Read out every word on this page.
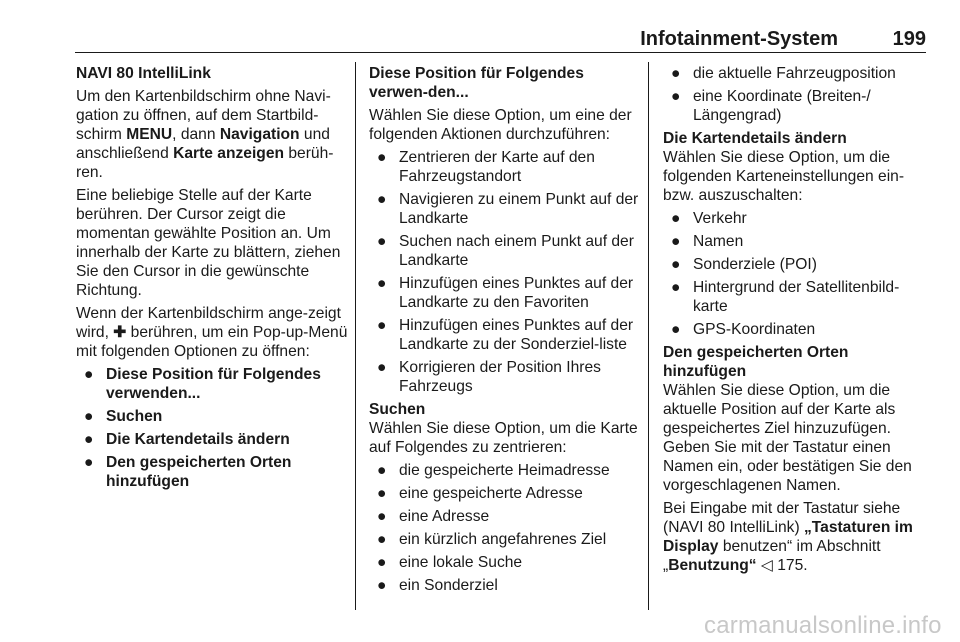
Infotainment-System	199

NAVI 80 IntelliLink

Um den Kartenbildschirm ohne Navi-gation zu öffnen, auf dem Startbild-schirm MENU, dann Navigation und anschließend Karte anzeigen berüh-ren.

Eine beliebige Stelle auf der Karte berühren. Der Cursor zeigt die momentan gewählte Position an. Um innerhalb der Karte zu blättern, ziehen Sie den Cursor in die gewünschte Richtung.

Wenn der Kartenbildschirm ange-zeigt wird, ✚ berühren, um ein Pop-up-Menü mit folgenden Optionen zu öffnen:

● Diese Position für Folgendes verwenden...
● Suchen
● Die Kartendetails ändern
● Den gespeicherten Orten hinzufügen

Diese Position für Folgendes verwen-den...

Wählen Sie diese Option, um eine der folgenden Aktionen durchzuführen:

● Zentrieren der Karte auf den Fahrzeugstandort
● Navigieren zu einem Punkt auf der Landkarte
● Suchen nach einem Punkt auf der Landkarte
● Hinzufügen eines Punktes auf der Landkarte zu den Favoriten
● Hinzufügen eines Punktes auf der Landkarte zu der Sonderziel-liste
● Korrigieren der Position Ihres Fahrzeugs

Suchen

Wählen Sie diese Option, um die Karte auf Folgendes zu zentrieren:

● die gespeicherte Heimadresse
● eine gespeicherte Adresse
● eine Adresse
● ein kürzlich angefahrenes Ziel
● eine lokale Suche
● ein Sonderziel
● die aktuelle Fahrzeugposition
● eine Koordinate (Breiten-/ Längengrad)

Die Kartendetails ändern

Wählen Sie diese Option, um die folgenden Karteneinstellungen ein- bzw. auszuschalten:

● Verkehr
● Namen
● Sonderziele (POI)
● Hintergrund der Satellitenbild-karte
● GPS-Koordinaten

Den gespeicherten Orten hinzufügen

Wählen Sie diese Option, um die aktuelle Position auf der Karte als gespeichertes Ziel hinzuzufügen. Geben Sie mit der Tastatur einen Namen ein, oder bestätigen Sie den vorgeschlagenen Namen.

Bei Eingabe mit der Tastatur siehe (NAVI 80 IntelliLink) „Tastaturen im Display benutzen“ im Abschnitt „Benutzung“ ◁ 175.

carmanualsonline.info
